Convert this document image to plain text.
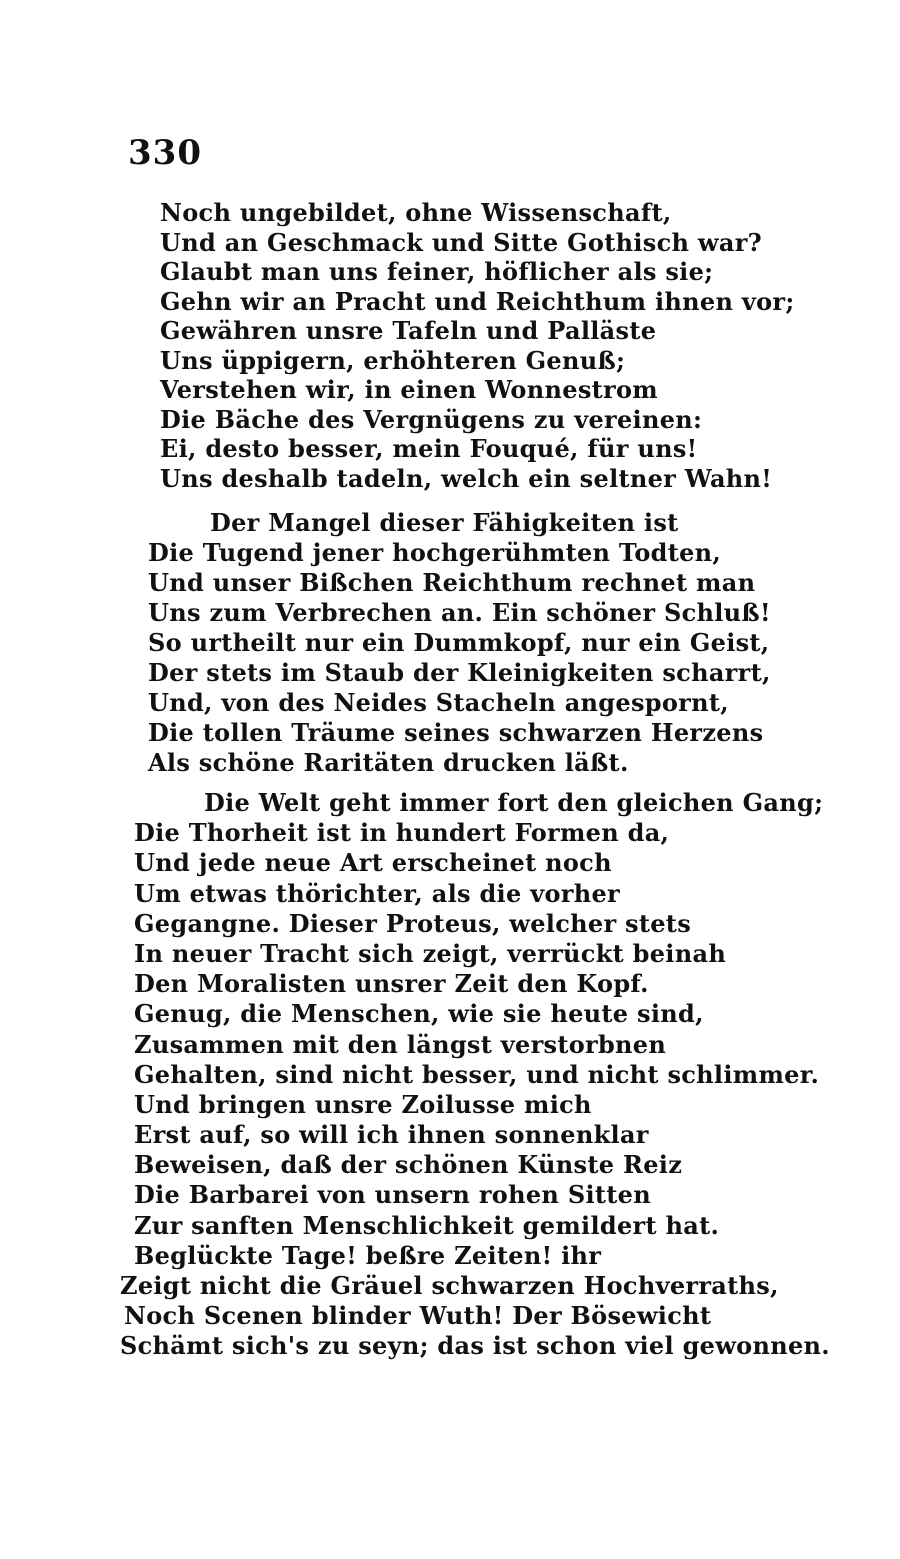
330
Noch ungebildet, ohne Wissenschaft,
Und an Geschmack und Sitte Gothisch war?
Glaubt man uns feiner, höflicher als sie;
Gehn wir an Pracht und Reichthum ihnen vor;
Gewähren unsre Tafeln und Palläste
Uns üppigern, erhöhteren Genuß;
Verstehen wir, in einen Wonnestrom
Die Bäche des Vergnügens zu vereinen:
Ei, desto besser, mein Fouqué, für uns!
Uns deshalb tadeln, welch ein seltner Wahn!
Der Mangel dieser Fähigkeiten ist
Die Tugend jener hochgerühmten Todten,
Und unser Bißchen Reichthum rechnet man
Uns zum Verbrechen an. Ein schöner Schluß!
So urtheilt nur ein Dummkopf, nur ein Geist,
Der stets im Staub der Kleinigkeiten scharrt,
Und, von des Neides Stacheln angespornt,
Die tollen Träume seines schwarzen Herzens
Als schöne Raritäten drucken läßt.
Die Welt geht immer fort den gleichen Gang;
Die Thorheit ist in hundert Formen da,
Und jede neue Art erscheinet noch
Um etwas thörichter, als die vorher
Gegangne. Dieser Proteus, welcher stets
In neuer Tracht sich zeigt, verrückt beinah
Den Moralisten unsrer Zeit den Kopf.
Genug, die Menschen, wie sie heute sind,
Zusammen mit den längst verstorbnen
Gehalten, sind nicht besser, und nicht schlimmer.
Und bringen unsre Zoilusse mich
Erst auf, so will ich ihnen sonnenklar
Beweisen, daß der schönen Künste Reiz
Die Barbarei von unsern rohen Sitten
Zur sanften Menschlichkeit gemildert hat.
Beglückte Tage! beßre Zeiten! ihr
Zeigt nicht die Gräuel schwarzen Hochverraths,
Noch Scenen blinder Wuth! Der Bösewicht
Schämt sich's zu seyn; das ist schon viel gewonnen.
